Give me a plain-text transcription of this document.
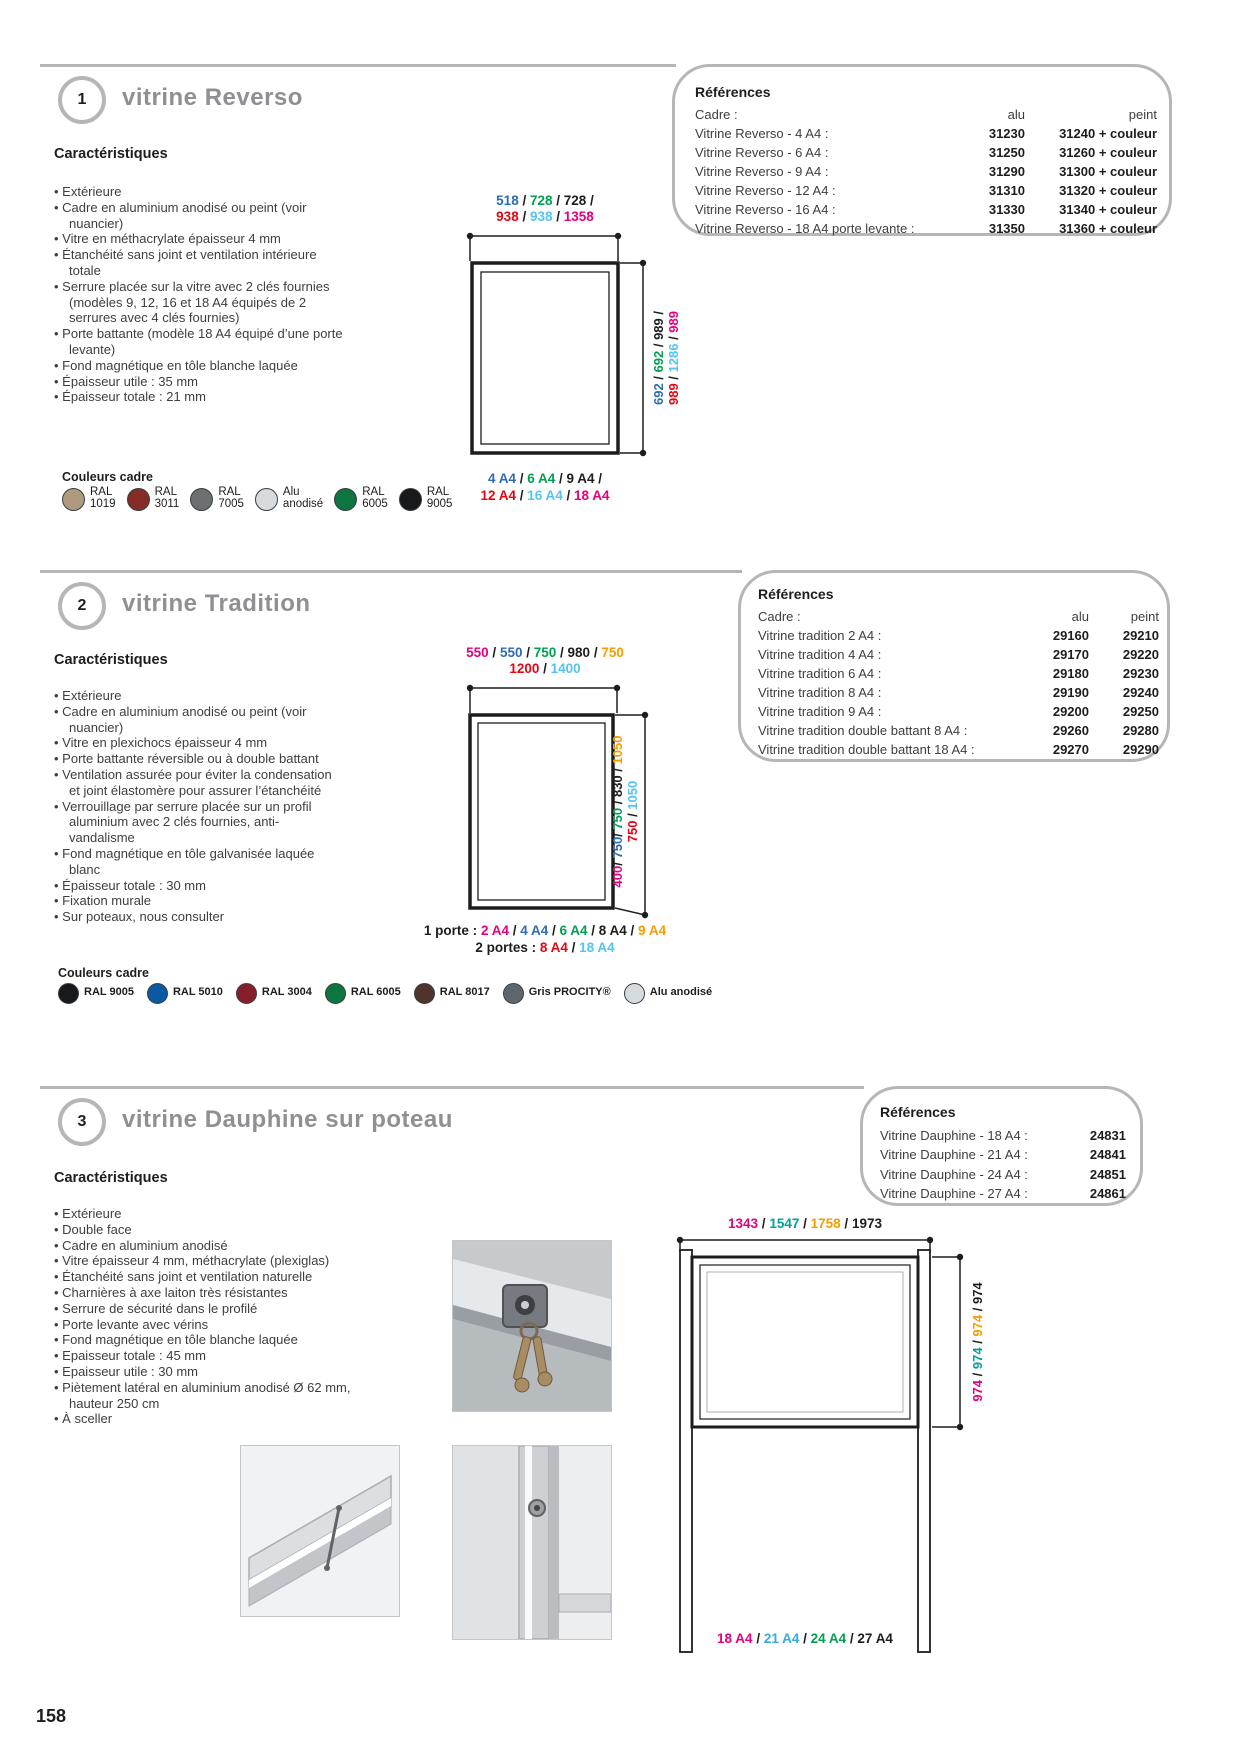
1 vitrine Reverso	Références
Cadre :	alu	peint
Vitrine Reverso - 4 A4 :	31230	31240 + couleur
Vitrine Reverso - 6 A4 :	31250	31260 + couleur
Vitrine Reverso - 9 A4 :	31290	31300 + couleur
Vitrine Reverso - 12 A4 :	31310	31320 + couleur
Vitrine Reverso - 16 A4 :	31330	31340 + couleur
Vitrine Reverso - 18 A4 porte levante :	31350	31360 + couleur
Caractéristiques
• Extérieure
• Cadre en aluminium anodisé ou peint (voir nuancier)
• Vitre en méthacrylate épaisseur 4 mm
• Étanchéité sans joint et ventilation intérieure totale
• Serrure placée sur la vitre avec 2 clés fournies (modèles 9, 12, 16 et 18 A4 équipés de 2 serrures avec 4 clés fournies)
• Porte battante (modèle 18 A4 équipé d’une porte levante)
• Fond magnétique en tôle blanche laquée
• Épaisseur utile : 35 mm
• Épaisseur totale : 21 mm
518 / 728 / 728 /
938 / 938 / 1358
692 / 692 / 989 /
989 / 1286 / 989
4 A4 / 6 A4 / 9 A4 /
12 A4 / 16 A4 / 18 A4
Couleurs cadre
RAL
1019
RAL
3011
RAL
7005
Alu
anodisé
RAL
6005
RAL
9005
2 vitrine Tradition	Références
Cadre :	alu	peint
Vitrine tradition 2 A4 :	29160	29210
Vitrine tradition 4 A4 :	29170	29220
Vitrine tradition 6 A4 :	29180	29230
Vitrine tradition 8 A4 :	29190	29240
Vitrine tradition 9 A4 :	29200	29250
Vitrine tradition double battant 8 A4 :	29260	29280
Vitrine tradition double battant 18 A4 :	29270	29290
Caractéristiques
• Extérieure
• Cadre en aluminium anodisé ou peint (voir nuancier)
• Vitre en plexichocs épaisseur 4 mm
• Porte battante réversible ou à double battant
• Ventilation assurée pour éviter la condensation et joint élastomère pour assurer l’étanchéité
• Verrouillage par serrure placée sur un profil aluminium avec 2 clés fournies, anti-vandalisme
• Fond magnétique en tôle galvanisée laquée blanc
• Épaisseur totale : 30 mm
• Fixation murale
• Sur poteaux, nous consulter
550 / 550 / 750 / 980 / 750
1200 / 1400
400/ 750/ 750 / 830 / 1050
750 / 1050
1 porte : 2 A4 / 4 A4 / 6 A4 / 8 A4 / 9 A4
2 portes : 8 A4 / 18 A4
Couleurs cadre
RAL 9005	RAL 5010	RAL 3004	RAL 6005	RAL 8017	Gris PROCITY®	Alu anodisé
3 vitrine Dauphine sur poteau	Références
Vitrine Dauphine - 18 A4 :	24831
Vitrine Dauphine - 21 A4 :	24841
Vitrine Dauphine - 24 A4 :	24851
Vitrine Dauphine - 27 A4 :	24861
Caractéristiques
• Extérieure
• Double face
• Cadre en aluminium anodisé
• Vitre épaisseur 4 mm, méthacrylate (plexiglas)
• Étanchéité sans joint et ventilation naturelle
• Charnières à axe laiton très résistantes
• Serrure de sécurité dans le profilé
• Porte levante avec vérins
• Fond magnétique en tôle blanche laquée
• Epaisseur totale : 45 mm
• Epaisseur utile : 30 mm
• Piètement latéral en aluminium anodisé Ø 62 mm, hauteur 250 cm
• À sceller
1343 / 1547 / 1758 / 1973
974 / 974 / 974 / 974
18 A4 / 21 A4 / 24 A4 / 27 A4
158
